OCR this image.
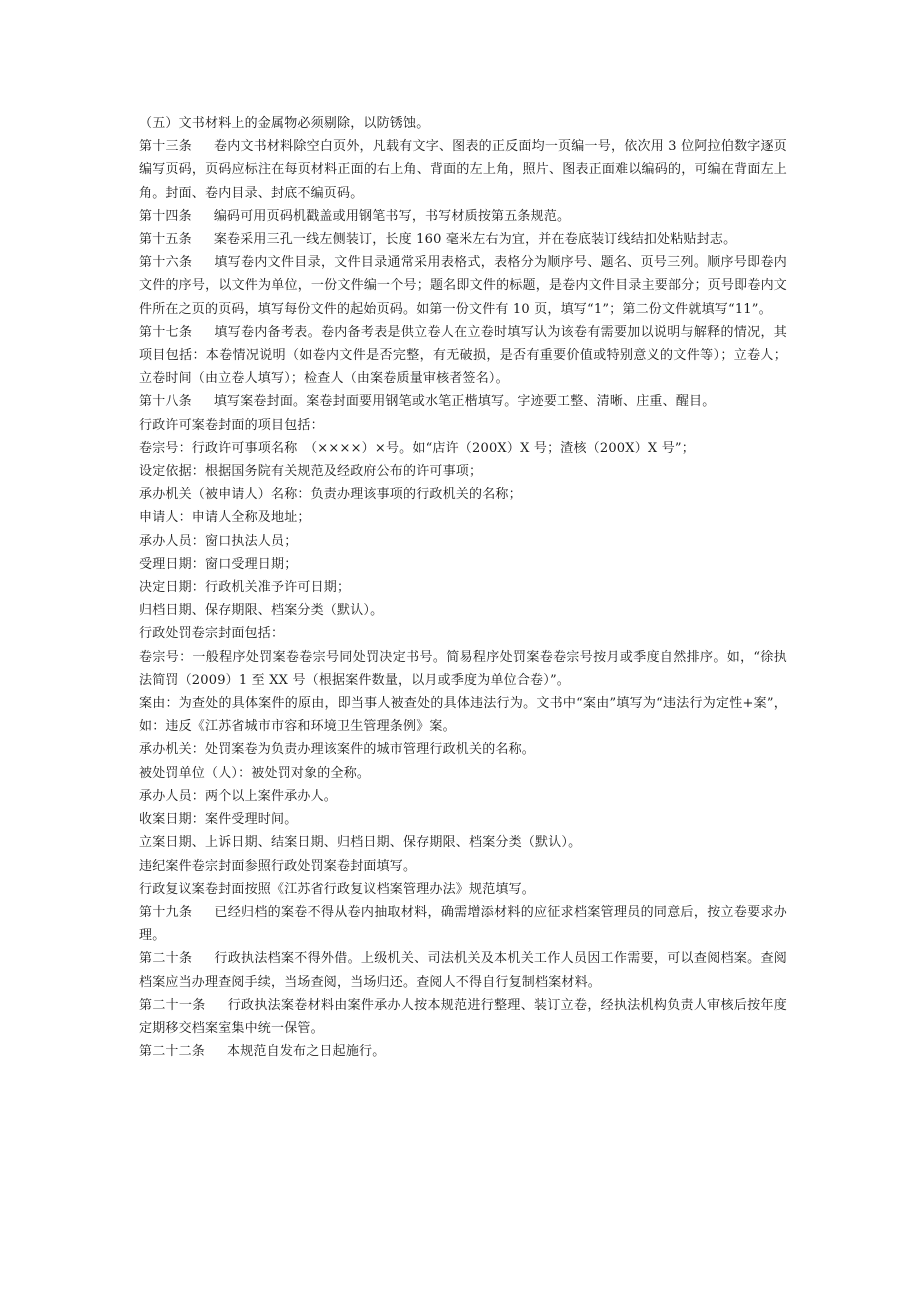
（五）文书材料上的金属物必须剔除，以防锈蚀。

第十三条 卷内文书材料除空白页外，凡载有文字、图表的正反面均一页编一号，依次用 3 位阿拉伯数字逐页编写页码，页码应标注在每页材料正面的右上角、背面的左上角，照片、图表正面难以编码的，可编在背面左上角。封面、卷内目录、封底不编页码。

第十四条 编码可用页码机戳盖或用钢笔书写，书写材质按第五条规范。

第十五条 案卷采用三孔一线左侧装订，长度 160 毫米左右为宜，并在卷底装订线结扣处粘贴封志。

第十六条 填写卷内文件目录，文件目录通常采用表格式，表格分为顺序号、题名、页号三列。顺序号即卷内文件的序号，以文件为单位，一份文件编一个号；题名即文件的标题，是卷内文件目录主要部分；页号即卷内文件所在之页的页码，填写每份文件的起始页码。如第一份文件有 10 页，填写“1”；第二份文件就填写“11”。

第十七条 填写卷内备考表。卷内备考表是供立卷人在立卷时填写认为该卷有需要加以说明与解释的情况，其项目包括：本卷情况说明（如卷内文件是否完整，有无破损，是否有重要价值或特别意义的文件等）；立卷人；立卷时间（由立卷人填写）；检查人（由案卷质量审核者签名）。

第十八条 填写案卷封面。案卷封面要用钢笔或水笔正楷填写。字迹要工整、清晰、庄重、醒目。

行政许可案卷封面的项目包括：

卷宗号：行政许可事项名称　（××××）×号。如“店许（200X）X 号；渣核（200X）X 号”；

设定依据：根据国务院有关规范及经政府公布的许可事项；

承办机关（被申请人）名称：负责办理该事项的行政机关的名称；

申请人：申请人全称及地址；

承办人员：窗口执法人员；

受理日期：窗口受理日期；

决定日期：行政机关准予许可日期；

归档日期、保存期限、档案分类（默认）。

行政处罚卷宗封面包括：

卷宗号：一般程序处罚案卷卷宗号同处罚决定书号。简易程序处罚案卷卷宗号按月或季度自然排序。如，“徐执法简罚（2009）1 至 XX 号（根据案件数量，以月或季度为单位合卷）”。

案由：为查处的具体案件的原由，即当事人被查处的具体违法行为。文书中“案由”填写为“违法行为定性+案”，如：违反《江苏省城市市容和环境卫生管理条例》案。

承办机关：处罚案卷为负责办理该案件的城市管理行政机关的名称。

被处罚单位（人）：被处罚对象的全称。

承办人员：两个以上案件承办人。

收案日期：案件受理时间。

立案日期、上诉日期、结案日期、归档日期、保存期限、档案分类（默认）。

违纪案件卷宗封面参照行政处罚案卷封面填写。

行政复议案卷封面按照《江苏省行政复议档案管理办法》规范填写。

第十九条 已经归档的案卷不得从卷内抽取材料，确需增添材料的应征求档案管理员的同意后，按立卷要求办理。

第二十条 行政执法档案不得外借。上级机关、司法机关及本机关工作人员因工作需要，可以查阅档案。查阅档案应当办理查阅手续，当场查阅，当场归还。查阅人不得自行复制档案材料。

第二十一条 行政执法案卷材料由案件承办人按本规范进行整理、装订立卷，经执法机构负责人审核后按年度定期移交档案室集中统一保管。

第二十二条 本规范自发布之日起施行。
